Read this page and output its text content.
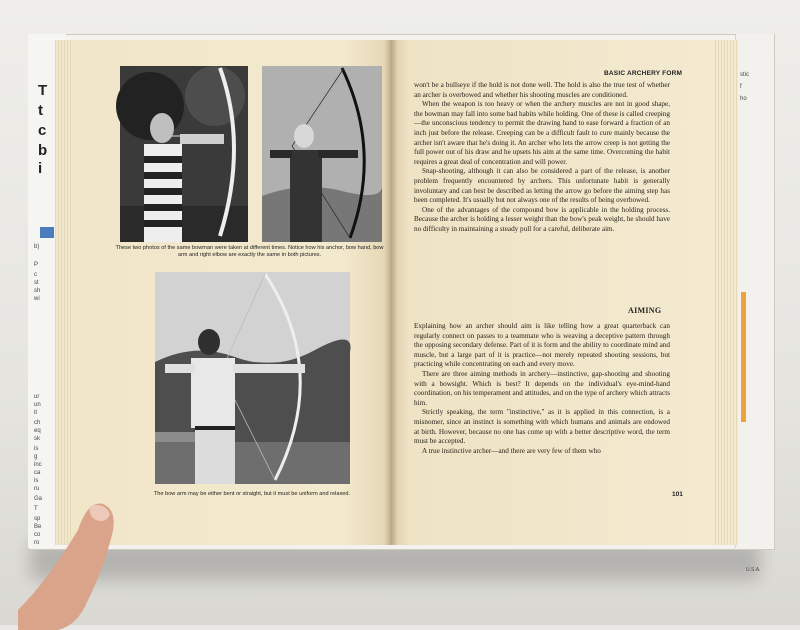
T
t
c
b
i
b)
P
c
st
sh
wi
ur
un
it
ch
eq
sk
is
g
inc
ca
is
ru
Ga
T
sp
Be
co
ro
stic
f
ho
U.S.A.
These two photos of the same bowman were taken at different times. Notice how his anchor, bow hand, bow arm and right elbow are exactly the same in both pictures.
The bow arm may be either bent or straight, but it must be uniform and relaxed.
BASIC ARCHERY FORM

won't be a bullseye if the hold is not done well. The hold is also the true test of whether an archer is overbowed and whether his shooting muscles are conditioned.

When the weapon is too heavy or when the archery muscles are not in good shape, the bowman may fall into some bad habits while holding. One of these is called creeping—the unconscious tendency to permit the drawing hand to ease forward a fraction of an inch just before the release. Creeping can be a difficult fault to cure mainly because the archer isn't aware that he's doing it. An archer who lets the arrow creep is not getting the full power out of his draw and he upsets his aim at the same time. Overcoming the habit requires a great deal of concentration and will power.

Snap-shooting, although it can also be considered a part of the release, is another problem frequently encountered by archers. This unfortunate habit is generally involuntary and can best be described as letting the arrow go before the aiming step has been completed. It's usually but not always one of the results of being overbowed.

One of the advantages of the compound bow is applicable in the holding process. Because the archer is holding a lesser weight than the bow's peak weight, he should have no difficulty in maintaining a steady pull for a careful, deliberate aim.

AIMING

Explaining how an archer should aim is like telling how a great quarterback can regularly connect on passes to a teammate who is weaving a deceptive pattern through the opposing secondary defense. Part of it is form and the ability to coordinate mind and muscle, but a large part of it is practice—not merely repeated shooting sessions, but practicing while concentrating on each and every move.

There are three aiming methods in archery—instinctive, gap-shooting and shooting with a bowsight. Which is best? It depends on the individual's eye-mind-hand coordination, on his temperament and attitudes, and on the type of archery which attracts him.

Strictly speaking, the term "instinctive," as it is applied in this connection, is a misnomer, since an instinct is something with which humans and animals are endowed at birth. However, because no one has come up with a better descriptive word, the term must be accepted.

A true instinctive archer—and there are very few of them who

101
